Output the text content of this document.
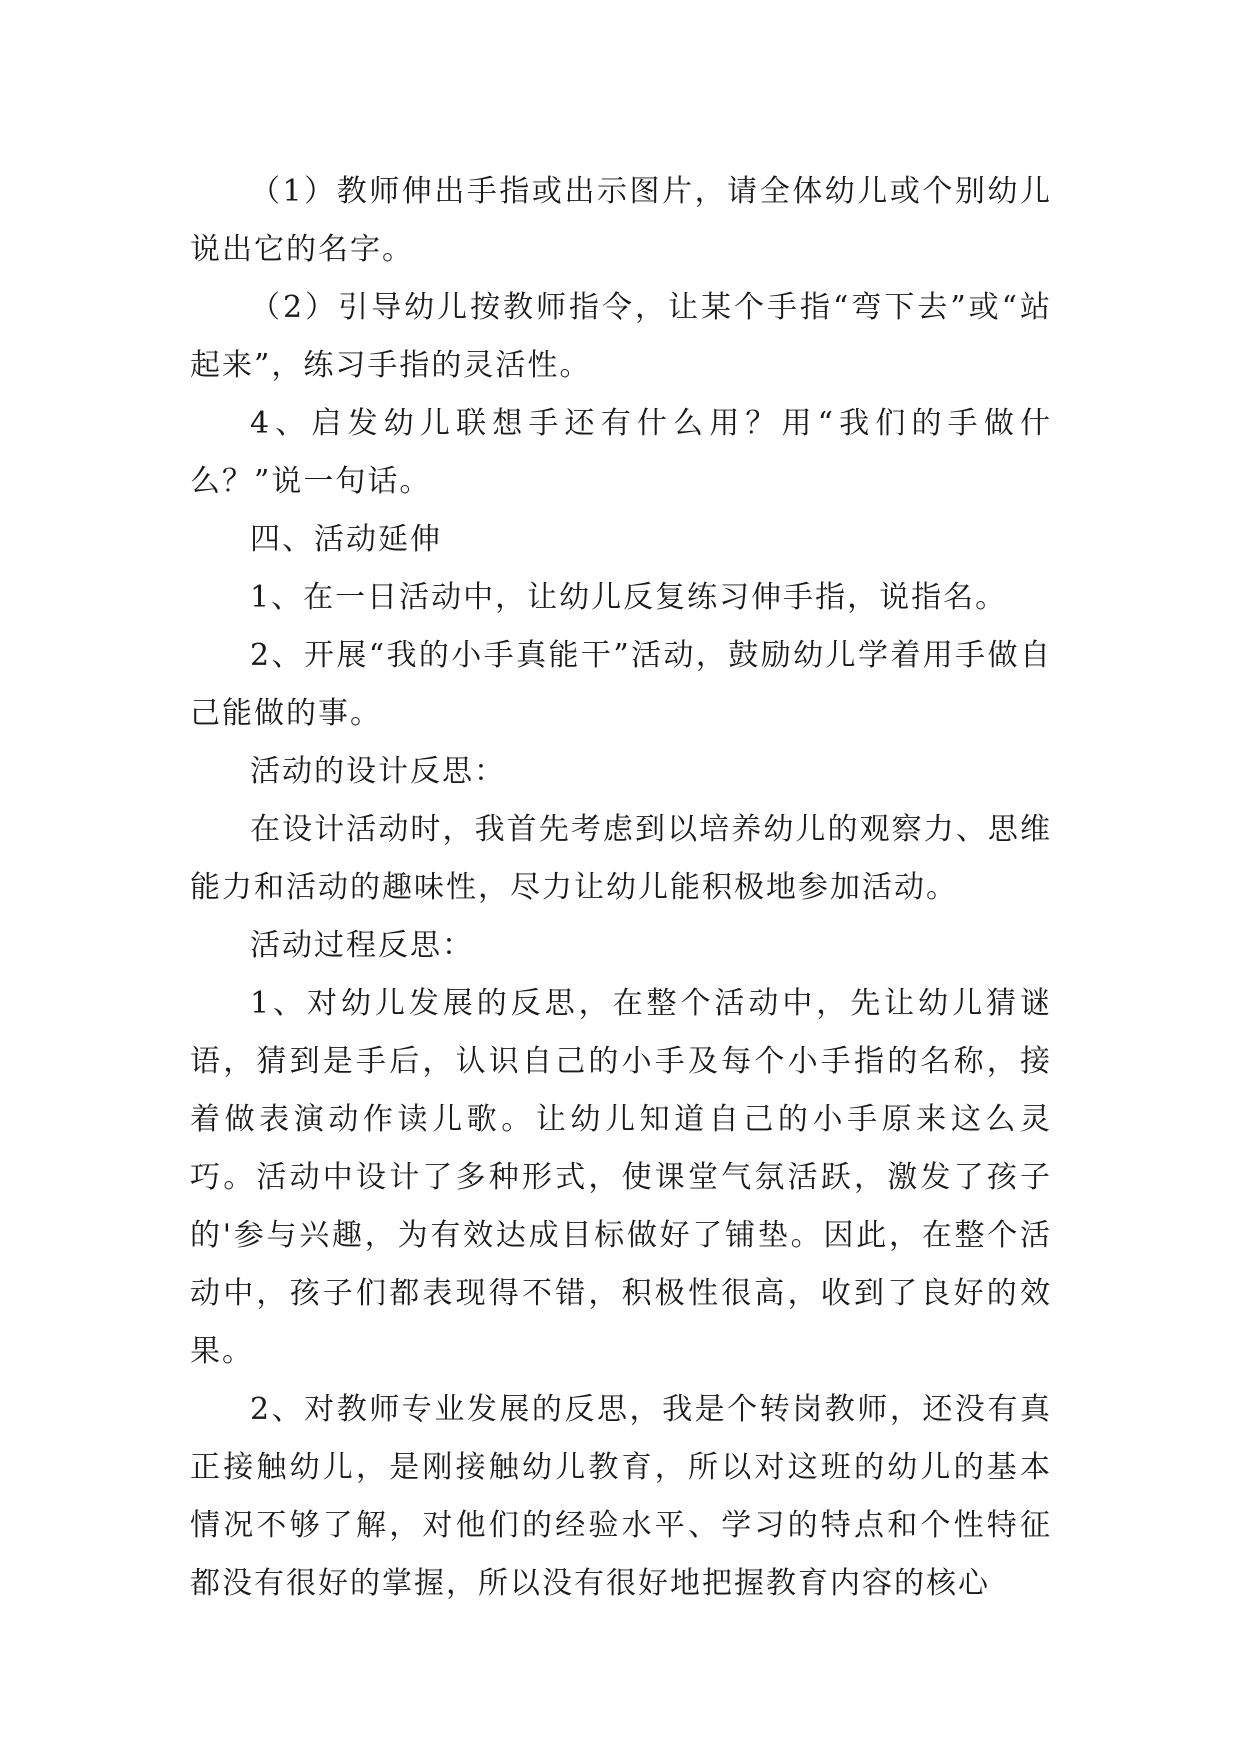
（1）教师伸出手指或出示图片，请全体幼儿或个别幼儿说出它的名字。

（2）引导幼儿按教师指令，让某个手指“弯下去”或“站起来”，练习手指的灵活性。

4、启发幼儿联想手还有什么用？用“我们的手做什么？”说一句话。

四、活动延伸

1、在一日活动中，让幼儿反复练习伸手指，说指名。

2、开展“我的小手真能干”活动，鼓励幼儿学着用手做自己能做的事。

活动的设计反思：

在设计活动时，我首先考虑到以培养幼儿的观察力、思维能力和活动的趣味性，尽力让幼儿能积极地参加活动。

活动过程反思：

1、对幼儿发展的反思，在整个活动中，先让幼儿猜谜语，猜到是手后，认识自己的小手及每个小手指的名称，接着做表演动作读儿歌。让幼儿知道自己的小手原来这么灵巧。活动中设计了多种形式，使课堂气氛活跃，激发了孩子的'参与兴趣，为有效达成目标做好了铺垫。因此，在整个活动中，孩子们都表现得不错，积极性很高，收到了良好的效果。

2、对教师专业发展的反思，我是个转岗教师，还没有真正接触幼儿，是刚接触幼儿教育，所以对这班的幼儿的基本情况不够了解，对他们的经验水平、学习的特点和个性特征都没有很好的掌握，所以没有很好地把握教育内容的核心
